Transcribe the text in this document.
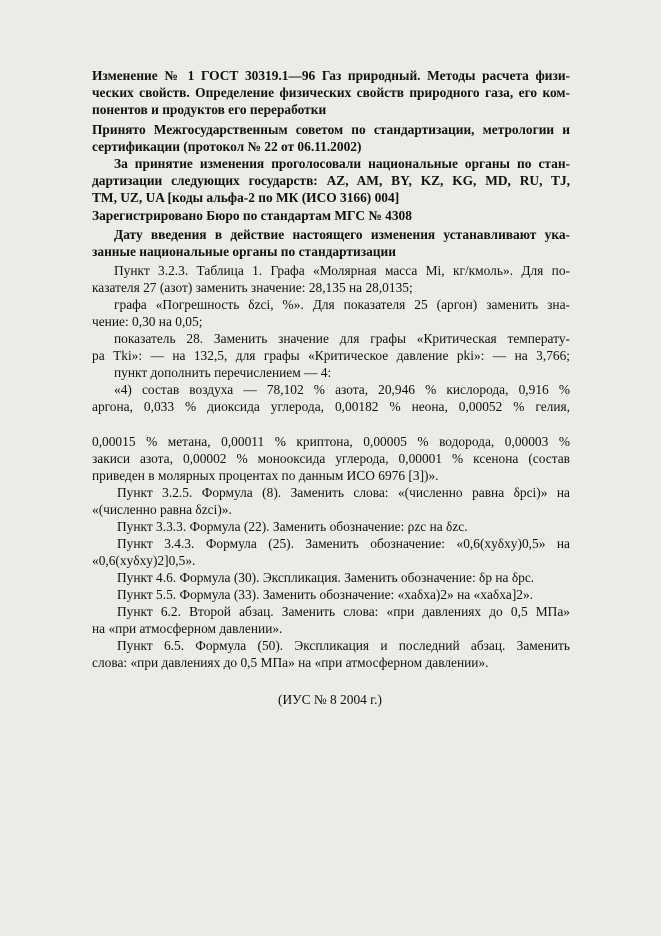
Изменение № 1 ГОСТ 30319.1—96 Газ природный. Методы расчета физи-
ческих свойств. Определение физических свойств природного газа, его ком-
понентов и продуктов его переработки
Принято Межгосударственным советом по стандартизации, метрологии и
сертификации (протокол № 22 от 06.11.2002)
За принятие изменения проголосовали национальные органы по стан-
дартизации следующих государств: AZ, AM, BY, KZ, KG, MD, RU, TJ,
TM, UZ, UA [коды альфа-2 по МК (ИСО 3166) 004]
Зарегистрировано Бюро по стандартам МГС № 4308
Дату введения в действие настоящего изменения устанавливают ука-
занные национальные органы по стандартизации
Пункт 3.2.3. Таблица 1. Графа «Молярная масса Mi, кг/кмоль». Для по-
казателя 27 (азот) заменить значение: 28,135 на 28,0135;
графа «Погрешность δzci, %». Для показателя 25 (аргон) заменить зна-
чение: 0,30 на 0,05;
показатель 28. Заменить значение для графы «Критическая температу-
ра Tki»: — на 132,5, для графы «Критическое давление pki»: — на 3,766;
пункт дополнить перечислением — 4:
«4) состав воздуха — 78,102 % азота, 20,946 % кислорода, 0,916 %
аргона, 0,033 % диоксида углерода, 0,00182 % неона, 0,00052 % гелия,
0,00015 % метана, 0,00011 % криптона, 0,00005 % водорода, 0,00003 %
закиси азота, 0,00002 % монооксида углерода, 0,00001 % ксенона (состав
приведен в молярных процентах по данным ИСО 6976 [3])».
Пункт 3.2.5. Формула (8). Заменить слова: «(численно равна δpci)» на
«(численно равна δzci)».
Пункт 3.3.3. Формула (22). Заменить обозначение: ρzc на δzc.
Пункт 3.4.3. Формула (25). Заменить обозначение: «0,6(xyδxy)0,5» на
«0,6(xyδxy)2]0,5».
Пункт 4.6. Формула (30). Экспликация. Заменить обозначение: δp на δpc.
Пункт 5.5. Формула (33). Заменить обозначение: «xaδxa)2» на «xaδxa]2».
Пункт 6.2. Второй абзац. Заменить слова: «при давлениях до 0,5 МПа»
на «при атмосферном давлении».
Пункт 6.5. Формула (50). Экспликация и последний абзац. Заменить
слова: «при давлениях до 0,5 МПа» на «при атмосферном давлении».
(ИУС № 8 2004 г.)
